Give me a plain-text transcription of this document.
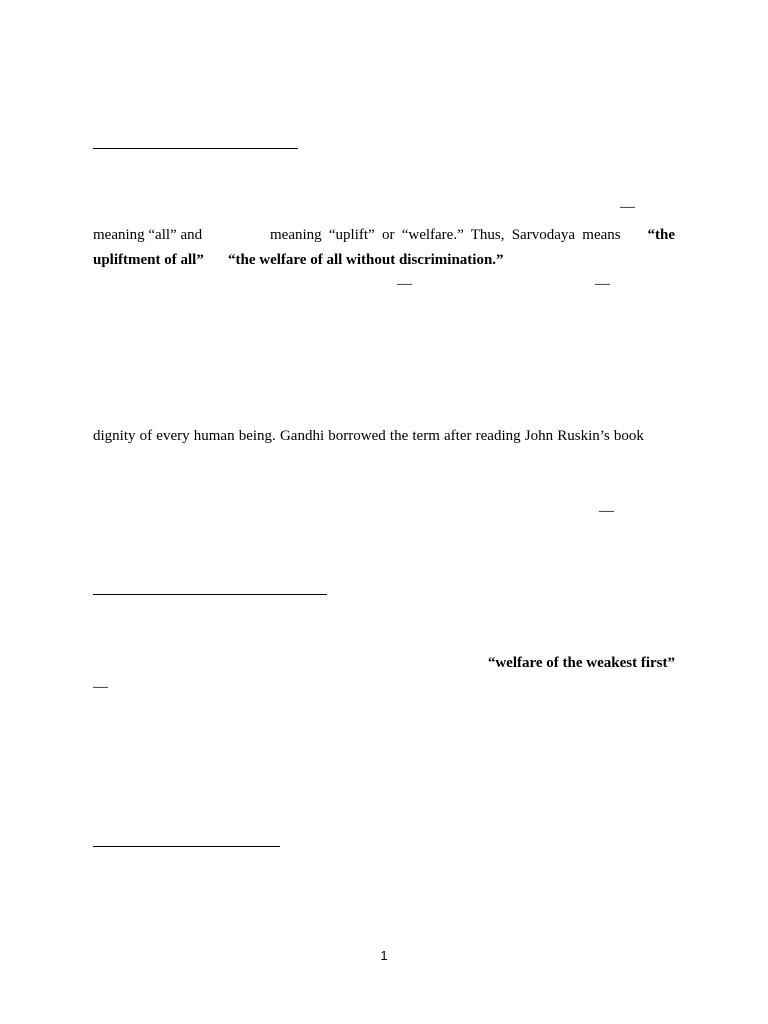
—
meaning “all” and	meaning “uplift” or “welfare.” Thus, Sarvodaya means “the
upliftment of all” “the welfare of all without discrimination.”
—	—
dignity of every human being. Gandhi borrowed the term after reading John Ruskin’s book
—
“welfare of the weakest first”
—
1
